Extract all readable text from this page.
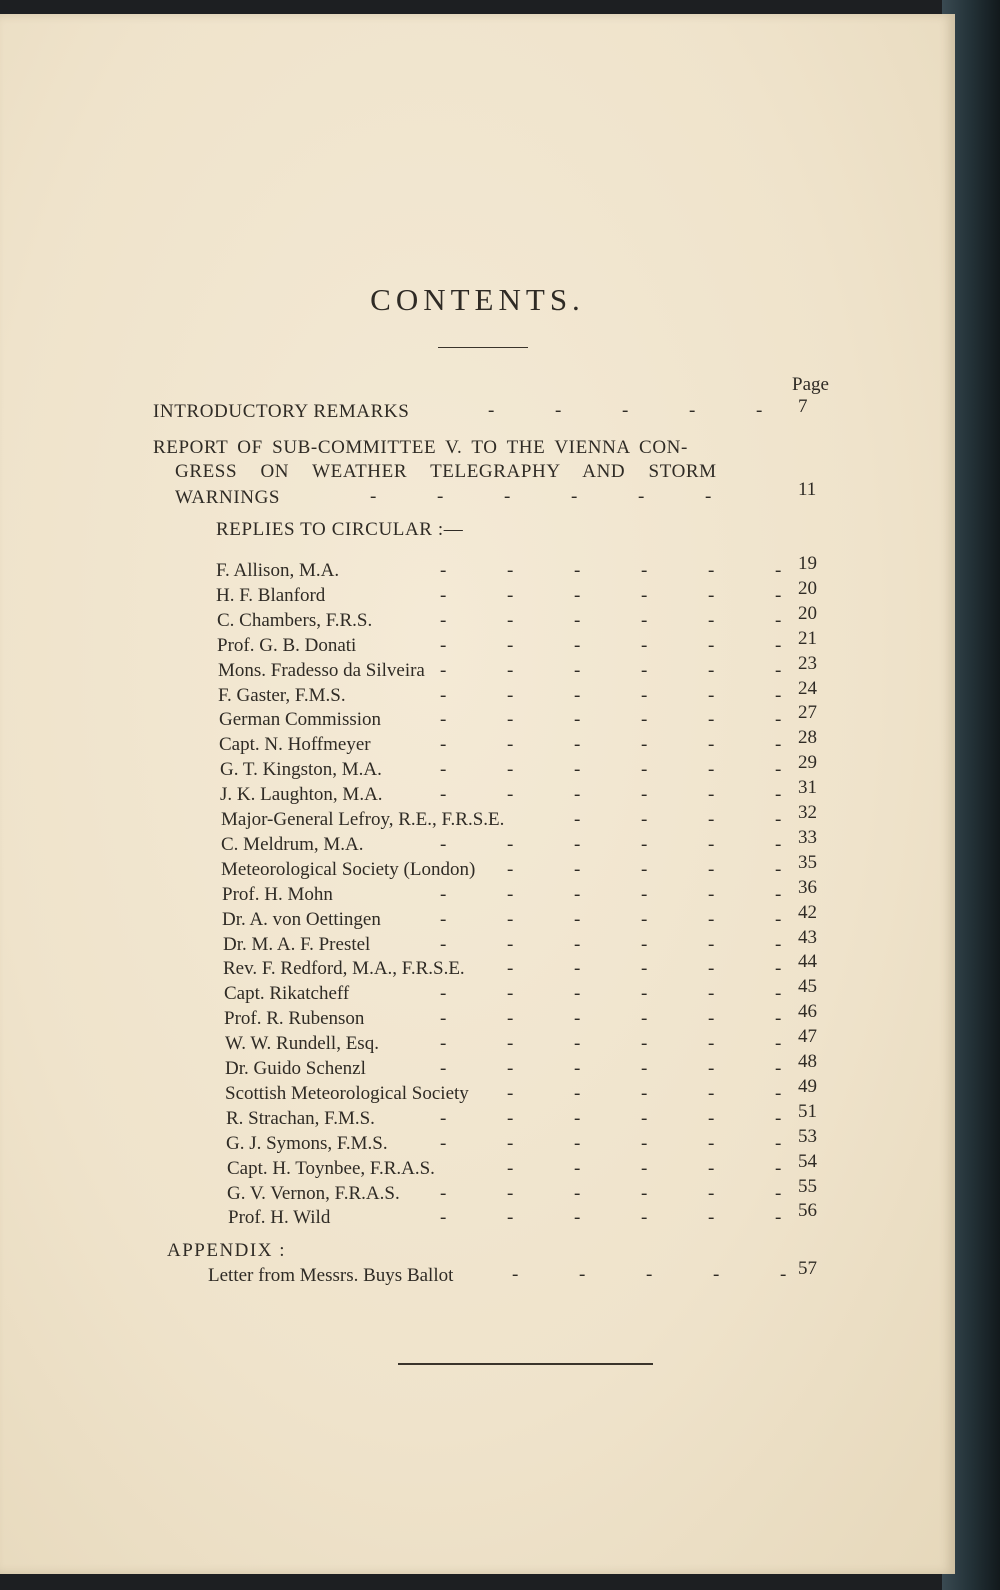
CONTENTS.
Page
INTRODUCTORY REMARKS	-	-	-	-	-	7
REPORT OF SUB-COMMITTEE V. TO THE VIENNA CON-
GRESS ON WEATHER TELEGRAPHY AND STORM
WARNINGS	-	-	-	-	-	-	11
REPLIES TO CIRCULAR :—
F. Allison, M.A.	-	-	-	-	-	- 19
H. F. Blanford	-	-	-	-	-	- 20
C. Chambers, F.R.S.	-	-	-	-	-	- 20
Prof. G. B. Donati	-	-	-	-	-	- 21
Mons. Fradesso da Silveira -	-	-	-	-	- 23
F. Gaster, F.M.S.	-	-	-	-	-	- 24
German Commission	-	-	-	-	-	- 27
Capt. N. Hoffmeyer	-	-	-	-	-	- 28
G. T. Kingston, M.A.	-	-	-	-	-	- 29
J. K. Laughton, M.A.	-	-	-	-	-	- 31
Major-General Lefroy, R.E., F.R.S.E.	-	-	-	- 32
C. Meldrum, M.A.	-	-	-	-	-	- 33
Meteorological Society (London) -	-	-	-	- 35
Prof. H. Mohn	-	-	-	-	-	- 36
Dr. A. von Oettingen	-	-	-	-	-	- 42
Dr. M. A. F. Prestel	-	-	-	-	-	- 43
Rev. F. Redford, M.A., F.R.S.E. -	-	-	-	- 44
Capt. Rikatcheff	-	-	-	-	-	- 45
Prof. R. Rubenson	-	-	-	-	-	- 46
W. W. Rundell, Esq.	-	-	-	-	-	- 47
Dr. Guido Schenzl	-	-	-	-	-	- 48
Scottish Meteorological Society -	-	-	-	- 49
R. Strachan, F.M.S.	-	-	-	-	-	- 51
G. J. Symons, F.M.S.	-	-	-	-	-	- 53
Capt. H. Toynbee, F.R.A.S.	-	-	-	-	- 54
G. V. Vernon, F.R.A.S. -	-	-	-	-	- 55
Prof. H. Wild	-	-	-	-	-	- 56
APPENDIX :
Letter from Messrs. Buys Ballot	-	-	-	-	- 57
